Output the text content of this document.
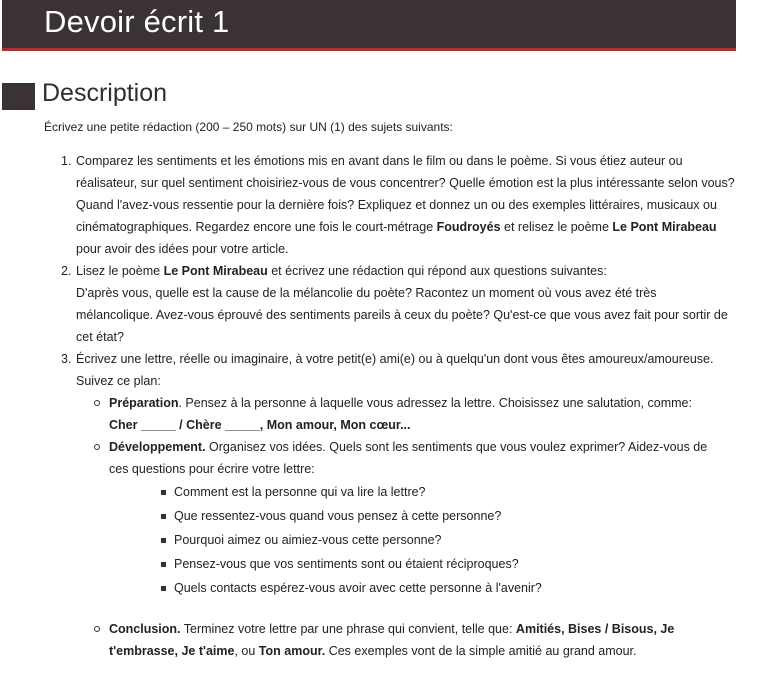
Devoir écrit 1
Description

Écrivez une petite rédaction (200 – 250 mots) sur UN (1) des sujets suivants:

1. Comparez les sentiments et les émotions mis en avant dans le film ou dans le poème. Si vous étiez auteur ou réalisateur, sur quel sentiment choisiriez-vous de vous concentrer? Quelle émotion est la plus intéressante selon vous? Quand l'avez-vous ressentie pour la dernière fois? Expliquez et donnez un ou des exemples littéraires, musicaux ou cinématographiques. Regardez encore une fois le court-métrage Foudroyés et relisez le poème Le Pont Mirabeau pour avoir des idées pour votre article.
2. Lisez le poème Le Pont Mirabeau et écrivez une rédaction qui répond aux questions suivantes:
D'après vous, quelle est la cause de la mélancolie du poète? Racontez un moment où vous avez été très mélancolique. Avez-vous éprouvé des sentiments pareils à ceux du poète? Qu'est-ce que vous avez fait pour sortir de cet état?
3. Écrivez une lettre, réelle ou imaginaire, à votre petit(e) ami(e) ou à quelqu'un dont vous êtes amoureux/amoureuse. Suivez ce plan:
Préparation. Pensez à la personne à laquelle vous adressez la lettre. Choisissez une salutation, comme:
Cher _____ / Chère _____, Mon amour, Mon cœur...
Développement. Organisez vos idées. Quels sont les sentiments que vous voulez exprimer? Aidez-vous de ces questions pour écrire votre lettre:
Comment est la personne qui va lire la lettre?
Que ressentez-vous quand vous pensez à cette personne?
Pourquoi aimez ou aimiez-vous cette personne?
Pensez-vous que vos sentiments sont ou étaient réciproques?
Quels contacts espérez-vous avoir avec cette personne à l'avenir?
Conclusion. Terminez votre lettre par une phrase qui convient, telle que: Amitiés, Bises / Bisous, Je t'embrasse, Je t'aime, ou Ton amour. Ces exemples vont de la simple amitié au grand amour.
